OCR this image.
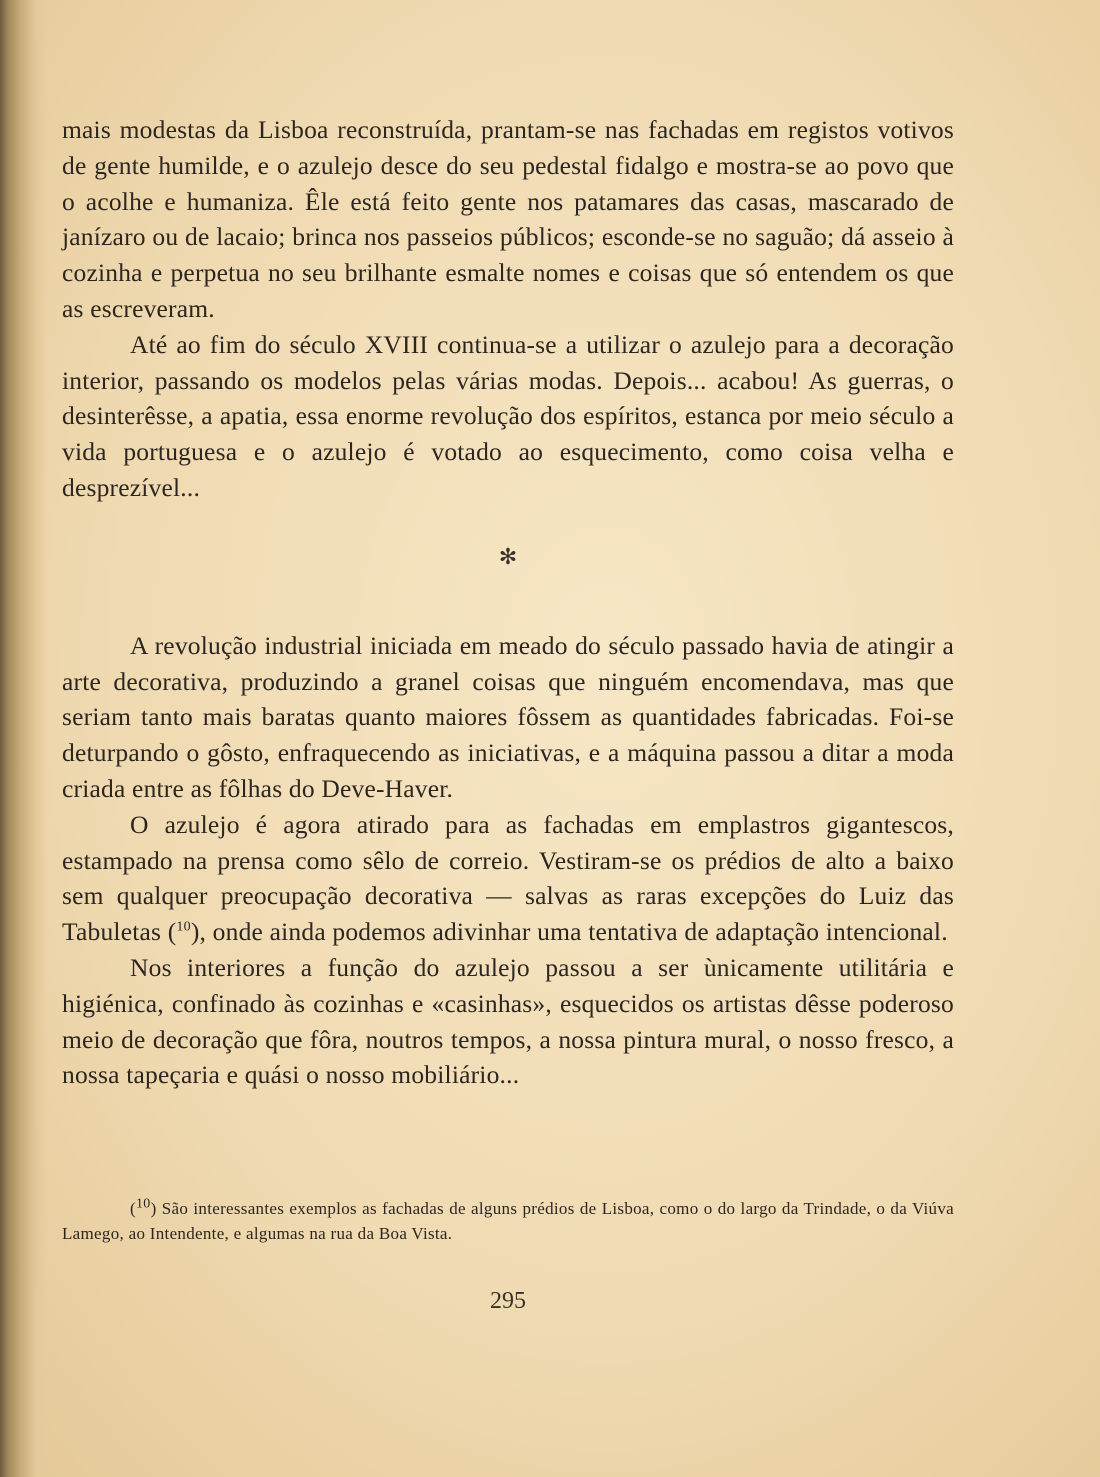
mais modestas da Lisboa reconstruída, prantam-se nas fachadas em registos votivos de gente humilde, e o azulejo desce do seu pedestal fidalgo e mostra-se ao povo que o acolhe e humaniza. Êle está feito gente nos patamares das casas, mascarado de janízaro ou de lacaio; brinca nos passeios públicos; esconde-se no saguão; dá asseio à cozinha e perpetua no seu brilhante esmalte nomes e coisas que só entendem os que as escreveram.

Até ao fim do século XVIII continua-se a utilizar o azulejo para a decoração interior, passando os modelos pelas várias modas. Depois... acabou! As guerras, o desinterêsse, a apatia, essa enorme revolução dos espíritos, estanca por meio século a vida portuguesa e o azulejo é votado ao esquecimento, como coisa velha e desprezível...

✻

A revolução industrial iniciada em meado do século passado havia de atingir a arte decorativa, produzindo a granel coisas que ninguém encomendava, mas que seriam tanto mais baratas quanto maiores fôssem as quantidades fabricadas. Foi-se deturpando o gôsto, enfraquecendo as iniciativas, e a máquina passou a ditar a moda criada entre as fôlhas do Deve-Haver.

O azulejo é agora atirado para as fachadas em emplastros gigantescos, estampado na prensa como sêlo de correio. Vestiram-se os prédios de alto a baixo sem qualquer preocupação decorativa — salvas as raras excepções do Luiz das Tabuletas ($^{10}$), onde ainda podemos adivinhar uma tentativa de adaptação intencional.

Nos interiores a função do azulejo passou a ser ùnicamente utilitária e higiénica, confinado às cozinhas e «casinhas», esquecidos os artistas dêsse poderoso meio de decoração que fôra, noutros tempos, a nossa pintura mural, o nosso fresco, a nossa tapeçaria e quási o nosso mobiliário...

($^{10}$) São interessantes exemplos as fachadas de alguns prédios de Lisboa, como o do largo da Trindade, o da Viúva Lamego, ao Intendente, e algumas na rua da Boa Vista.

295
